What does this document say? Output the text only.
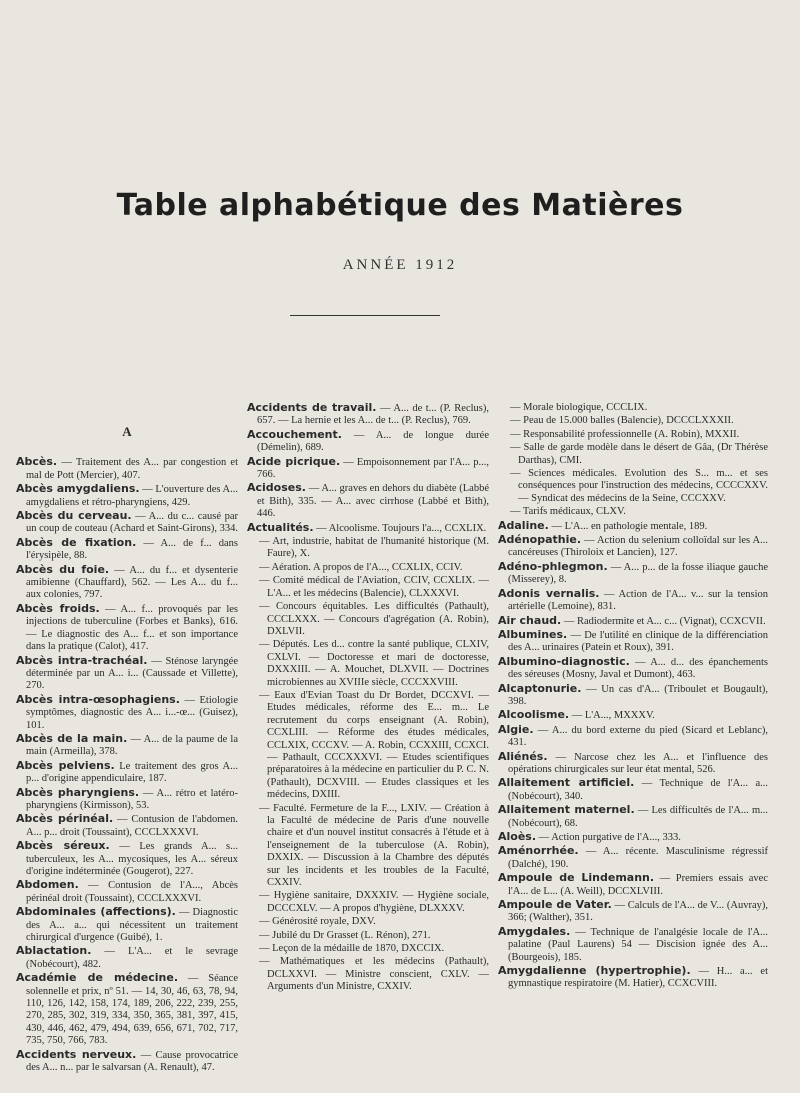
Table alphabétique des Matières
ANNÉE 1912
A
Abcès. — Traitement des A... par congestion et mal de Pott (Mercier), 407.
Abcès amygdaliens. — L'ouverture des A... amygdaliens et rétro-pharyngiens, 429.
Abcès du cerveau. — A... du c... causé par un coup de couteau (Achard et Saint-Girons), 334.
Abcès de fixation. — A... de f... dans l'érysipèle, 88.
Abcès du foie. — A... du f... et dysenterie amibienne (Chauffard), 562. — Les A... du f... aux colonies, 797.
Abcès froids. — A... f... provoqués par les injections de tuberculine (Forbes et Banks), 616. — Le diagnostic des A... f... et son importance dans la pratique (Calot), 417.
Abcès intra-trachéal. — Sténose laryngée déterminée par un A... i... (Caussade et Villette), 270.
Abcès intra-œsophagiens. — Etiologie symptômes, diagnostic des A... i...-œ... (Guisez), 101.
Abcès de la main. — A... de la paume de la main (Armeilla), 378.
Abcès pelviens. Le traitement des gros A... p... d'origine appendiculaire, 187.
Abcès pharyngiens. — A... rétro et latéro-pharyngiens (Kirmisson), 53.
Abcès périnéal. — Contusion de l'abdomen. A... p... droit (Toussaint), CCCLXXXVI.
Abcès séreux. — Les grands A... s... tuberculeux, les A... mycosiques, les A... séreux d'origine indéterminée (Gougerot), 227.
Abdomen. — Contusion de l'A..., Abcès périnéal droit (Toussaint), CCCLXXXVI.
Abdominales (affections). — Diagnostic des A... a... qui nécessitent un traitement chirurgical d'urgence (Guibé), 1.
Ablactation. — L'A... et le sevrage (Nobécourt), 482.
Académie de médecine. — Séance solennelle et prix, nº 51. — 14, 30, 46, 63, 78, 94, 110, 126, 142, 158, 174, 189, 206, 222, 239, 255, 270, 285, 302, 319, 334, 350, 365, 381, 397, 415, 430, 446, 462, 479, 494, 639, 656, 671, 702, 717, 735, 750, 766, 783.
Accidents nerveux. — Cause provocatrice des A... n... par le salvarsan (A. Renault), 47.
Accidents de travail. — A... de t... (P. Reclus), 657. — La hernie et les A... de t... (P. Reclus), 769.
Accouchement. — A... de longue durée (Démelin), 689.
Acide picrique. — Empoisonnement par l'A... p..., 766.
Acidoses. — A... graves en dehors du diabète (Labbé et Bith), 335. — A... avec cirrhose (Labbé et Bith), 446.
Actualités. — Alcoolisme. Toujours l'a..., CCXLIX.
— Art, industrie, habitat de l'humanité historique (M. Faure), X.
— Aération. A propos de l'A..., CCXLIX, CCIV.
— Comité médical de l'Aviation, CCIV, CCXLIX. — L'A... et les médecins (Balencie), CLXXXVI.
— Concours équitables. Les difficultés (Pathault), CCCLXXX. — Concours d'agrégation (A. Robin), DXLVII.
— Députés. Les d... contre la santé publique, CLXIV, CXLVI. — Doctoresse et mari de doctoresse, DXXXIII. — A. Mouchet, DLXVII. — Doctrines microbiennes au XVIIIe siècle, CCCXXVIII.
— Eaux d'Evian Toast du Dr Bordet, DCCXVI. — Etudes médicales, réforme des E... m... Le recrutement du corps enseignant (A. Robin), CCXLIII. — Réforme des études médicales, CCLXIX, CCCXV. — A. Robin, CCXXIII, CCXCI. — Pathault, CCCXXXVI. — Etudes scientifiques préparatoires à la médecine en particulier du P. C. N. (Pathault), DCXVIII. — Etudes classiques et les médecins, DXIII.
— Faculté. Fermeture de la F..., LXIV. — Création à la Faculté de médecine de Paris d'une nouvelle chaire et d'un nouvel institut consacrés à l'étude et à l'enseignement de la tuberculose (A. Robin), DXXIX. — Discussion à la Chambre des députés sur les incidents et les troubles de la Faculté, CXXIV.
— Hygiène sanitaire, DXXXIV. — Hygiène sociale, DCCCXLV. — A propos d'hygiène, DLXXXV.
— Générosité royale, DXV.
— Jubilé du Dr Grasset (L. Rénon), 271.
— Leçon de la médaille de 1870, DXCCIX.
— Mathématiques et les médecins (Pathault), DCLXXVI. — Ministre conscient, CXLV. — Arguments d'un Ministre, CXXIV.
— Morale biologique, CCCLIX.
— Peau de 15.000 balles (Balencie), DCCCLXXXII.
— Responsabilité professionnelle (A. Robin), MXXII.
— Salle de garde modèle dans le désert de Gâa, (Dr Thérèse Darthas), CMI.
— Sciences médicales. Evolution des S... m... et ses conséquences pour l'instruction des médecins, CCCCXXV. — Syndicat des médecins de la Seine, CCCXXV.
— Tarifs médicaux, CLXV.
Adaline. — L'A... en pathologie mentale, 189.
Adénopathie. — Action du selenium colloïdal sur les A... cancéreuses (Thiroloix et Lancien), 127.
Adéno-phlegmon. — A... p... de la fosse iliaque gauche (Misserey), 8.
Adonis vernalis. — Action de l'A... v... sur la tension artérielle (Lemoine), 831.
Air chaud. — Radiodermite et A... c... (Vignat), CCXCVII.
Albumines. — De l'utilité en clinique de la différenciation des A... urinaires (Patein et Roux), 391.
Albumino-diagnostic. — A... d... des épanchements des séreuses (Mosny, Javal et Dumont), 463.
Alcaptonurie. — Un cas d'A... (Triboulet et Bougault), 398.
Alcoolisme. — L'A..., MXXXV.
Algie. — A... du bord externe du pied (Sicard et Leblanc), 431.
Aliénés. — Narcose chez les A... et l'influence des opérations chirurgicales sur leur état mental, 526.
Allaitement artificiel. — Technique de l'A... a... (Nobécourt), 340.
Allaitement maternel. — Les difficultés de l'A... m... (Nobécourt), 68.
Aloès. — Action purgative de l'A..., 333.
Aménorrhée. — A... récente. Masculinisme régressif (Dalché), 190.
Ampoule de Lindemann. — Premiers essais avec l'A... de L... (A. Weill), DCCXLVIII.
Ampoule de Vater. — Calculs de l'A... de V... (Auvray), 366; (Walther), 351.
Amygdales. — Technique de l'analgésie locale de l'A... palatine (Paul Laurens) 54 — Discision ignée des A... (Bourgeois), 185.
Amygdalienne (hypertrophie). — H... a... et gymnastique respiratoire (M. Hatier), CCXCVIII.
